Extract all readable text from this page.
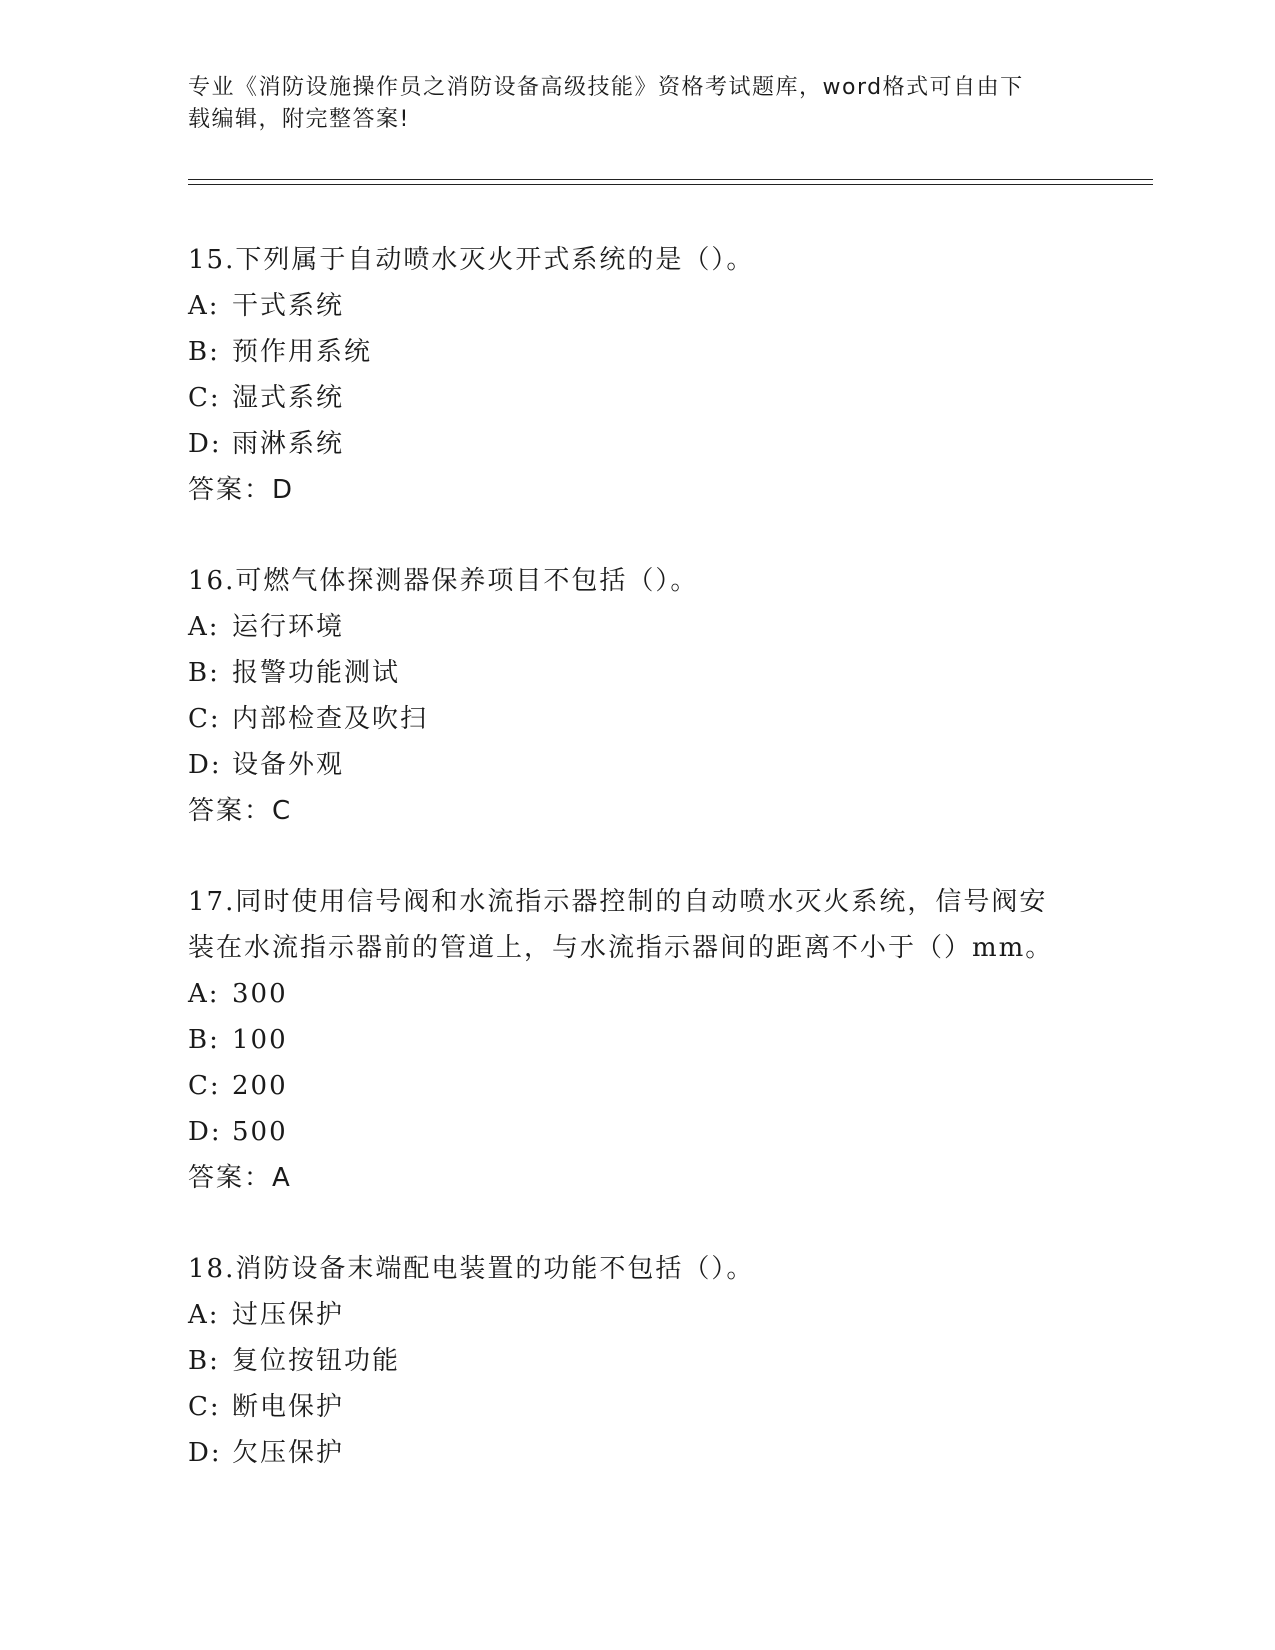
专业《消防设施操作员之消防设备高级技能》资格考试题库，word格式可自由下
载编辑，附完整答案!
15.下列属于自动喷水灭火开式系统的是（）。
A: 干式系统
B: 预作用系统
C: 湿式系统
D: 雨淋系统
答案：D
16.可燃气体探测器保养项目不包括（）。
A: 运行环境
B: 报警功能测试
C: 内部检查及吹扫
D: 设备外观
答案：C
17.同时使用信号阀和水流指示器控制的自动喷水灭火系统，信号阀安
装在水流指示器前的管道上，与水流指示器间的距离不小于（）mm。
A: 300
B: 100
C: 200
D: 500
答案：A
18.消防设备末端配电装置的功能不包括（）。
A: 过压保护
B: 复位按钮功能
C: 断电保护
D: 欠压保护
